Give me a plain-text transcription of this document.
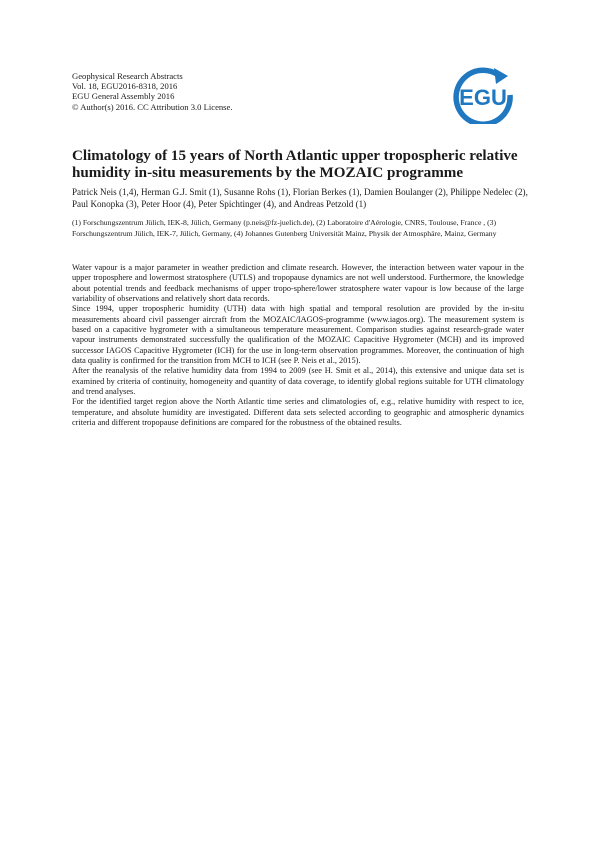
Geophysical Research Abstracts
Vol. 18, EGU2016-8318, 2016
EGU General Assembly 2016
© Author(s) 2016. CC Attribution 3.0 License.	EGU
Climatology of 15 years of North Atlantic upper tropospheric relative humidity in-situ measurements by the MOZAIC programme

Patrick Neis (1,4), Herman G.J. Smit (1), Susanne Rohs (1), Florian Berkes (1), Damien Boulanger (2), Philippe Nedelec (2), Paul Konopka (3), Peter Hoor (4), Peter Spichtinger (4), and Andreas Petzold (1)

(1) Forschungszentrum Jülich, IEK-8, Jülich, Germany (p.neis@fz-juelich.de), (2) Laboratoire d'Aérologie, CNRS, Toulouse, France , (3) Forschungszentrum Jülich, IEK-7, Jülich, Germany, (4) Johannes Gutenberg Universität Mainz, Physik der Atmosphäre, Mainz, Germany

Water vapour is a major parameter in weather prediction and climate research. However, the interaction between water vapour in the upper troposphere and lowermost stratosphere (UTLS) and tropopause dynamics are not well understood. Furthermore, the knowledge about potential trends and feedback mechanisms of upper tropo-sphere/lower stratosphere water vapour is low because of the large variability of observations and relatively short data records.

Since 1994, upper tropospheric humidity (UTH) data with high spatial and temporal resolution are provided by the in-situ measurements aboard civil passenger aircraft from the MOZAIC/IAGOS-programme (www.iagos.org). The measurement system is based on a capacitive hygrometer with a simultaneous temperature measurement. Comparison studies against research-grade water vapour instruments demonstrated successfully the qualification of the MOZAIC Capacitive Hygrometer (MCH) and its improved successor IAGOS Capacitive Hygrometer (ICH) for the use in long-term observation programmes. Moreover, the continuation of high data quality is confirmed for the transition from MCH to ICH (see P. Neis et al., 2015).

After the reanalysis of the relative humidity data from 1994 to 2009 (see H. Smit et al., 2014), this extensive and unique data set is examined by criteria of continuity, homogeneity and quantity of data coverage, to identify global regions suitable for UTH climatology and trend analyses.

For the identified target region above the North Atlantic time series and climatologies of, e.g., relative humidity with respect to ice, temperature, and absolute humidity are investigated. Different data sets selected according to geographic and atmospheric dynamics criteria and different tropopause definitions are compared for the robustness of the obtained results.
